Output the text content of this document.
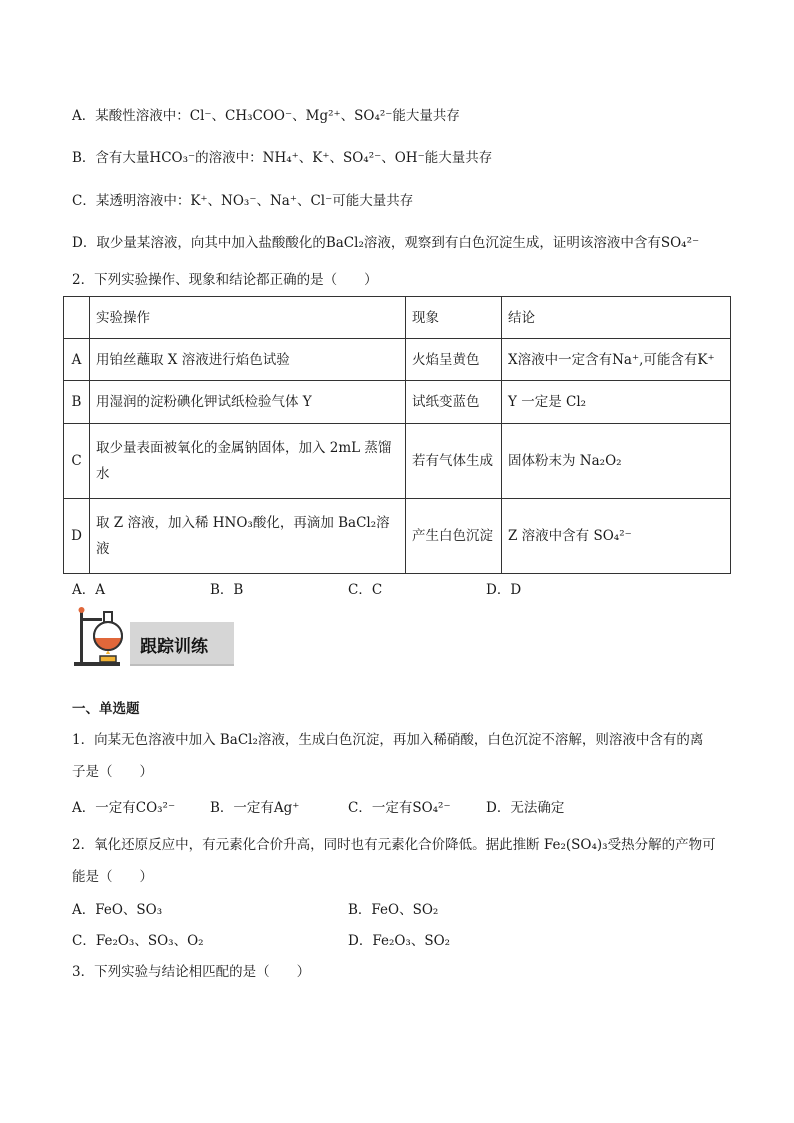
A．某酸性溶液中：Cl⁻、CH₃COO⁻、Mg²⁺、SO₄²⁻能大量共存
B．含有大量HCO₃⁻的溶液中：NH₄⁺、K⁺、SO₄²⁻、OH⁻能大量共存
C．某透明溶液中：K⁺、NO₃⁻、Na⁺、Cl⁻可能大量共存
D．取少量某溶液，向其中加入盐酸酸化的BaCl₂溶液，观察到有白色沉淀生成，证明该溶液中含有SO₄²⁻
2．下列实验操作、现象和结论都正确的是（　　）
	实验操作	现象	结论
A	用铂丝蘸取 X 溶液进行焰色试验	火焰呈黄色	X溶液中一定含有Na⁺,可能含有K⁺
B	用湿润的淀粉碘化钾试纸检验气体 Y	试纸变蓝色	Y 一定是 Cl₂
C	取少量表面被氧化的金属钠固体，加入 2mL 蒸馏水	若有气体生成	固体粉末为 Na₂O₂
D	取 Z 溶液，加入稀 HNO₃酸化，再滴加 BaCl₂溶液	产生白色沉淀	Z 溶液中含有 SO₄²⁻
A．A	B．B	C．C	D．D
跟踪训练
一、单选题
1．向某无色溶液中加入 BaCl₂溶液，生成白色沉淀，再加入稀硝酸，白色沉淀不溶解，则溶液中含有的离
子是（　　）
A．一定有CO₃²⁻	B．一定有Ag⁺	C．一定有SO₄²⁻	D．无法确定
2．氧化还原反应中，有元素化合价升高，同时也有元素化合价降低。据此推断 Fe₂(SO₄)₃受热分解的产物可
能是（　　）
A．FeO、SO₃	B．FeO、SO₂
C．Fe₂O₃、SO₃、O₂	D．Fe₂O₃、SO₂
3．下列实验与结论相匹配的是（　　）
